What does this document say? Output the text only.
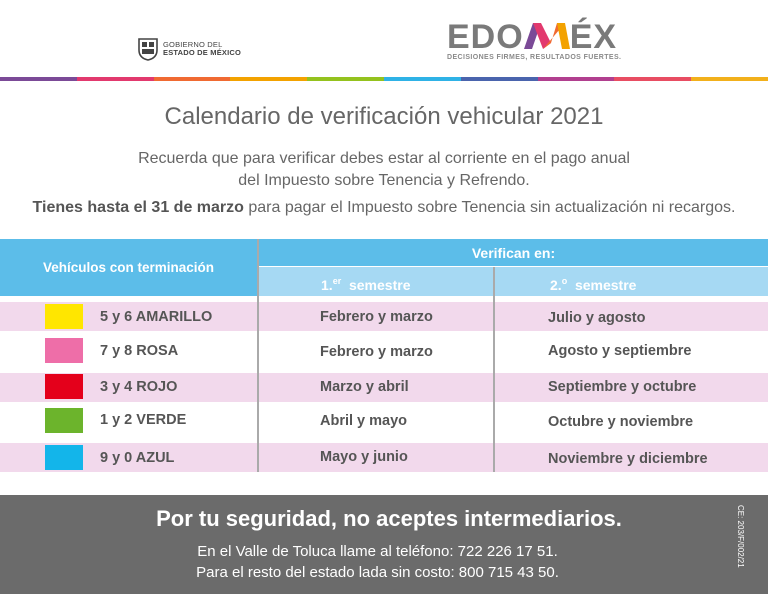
GOBIERNO DEL
ESTADO DE MÉXICO	EDO ÉX
DECISIONES FIRMES, RESULTADOS FUERTES.
Calendario de verificación vehicular 2021
Recuerda que para verificar debes estar al corriente en el pago anual
del Impuesto sobre Tenencia y Refrendo.
Tienes hasta el 31 de marzo para pagar el Impuesto sobre Tenencia sin actualización ni recargos.
Vehículos con terminación
Verifican en:
1.$^{er}$ semestre	2.$^o$ semestre
5 y 6 AMARILLO	Febrero y marzo	Julio y agosto
7 y 8 ROSA	Febrero y marzo	Agosto y septiembre
3 y 4 ROJO	Marzo y abril	Septiembre y octubre
1 y 2 VERDE	Abril y mayo	Octubre y noviembre
9 y 0 AZUL	Mayo y junio	Noviembre y diciembre
Por tu seguridad, no aceptes intermediarios.
En el Valle de Toluca llame al teléfono: 722 226 17 51.
Para el resto del estado lada sin costo: 800 715 43 50.
CE: 203/F/002/21
